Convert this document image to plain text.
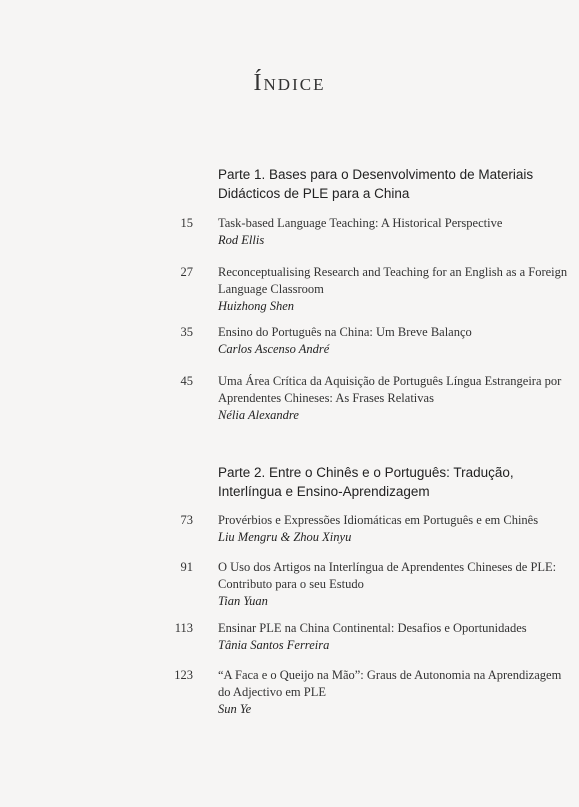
Índice
Parte 1. Bases para o Desenvolvimento de Materiais Didácticos de PLE para a China
15 Task-based Language Teaching: A Historical Perspective
Rod Ellis
27 Reconceptualising Research and Teaching for an English as a Foreign Language Classroom
Huizhong Shen
35 Ensino do Português na China: Um Breve Balanço
Carlos Ascenso André
45 Uma Área Crítica da Aquisição de Português Língua Estrangeira por Aprendentes Chineses: As Frases Relativas
Nélia Alexandre
Parte 2. Entre o Chinês e o Português: Tradução, Interlíngua e Ensino-Aprendizagem
73 Provérbios e Expressões Idiomáticas em Português e em Chinês
Liu Mengru & Zhou Xinyu
91 O Uso dos Artigos na Interlíngua de Aprendentes Chineses de PLE: Contributo para o seu Estudo
Tian Yuan
113 Ensinar PLE na China Continental: Desafios e Oportunidades
Tânia Santos Ferreira
123 “A Faca e o Queijo na Mão”: Graus de Autonomia na Aprendizagem do Adjectivo em PLE
Sun Ye
